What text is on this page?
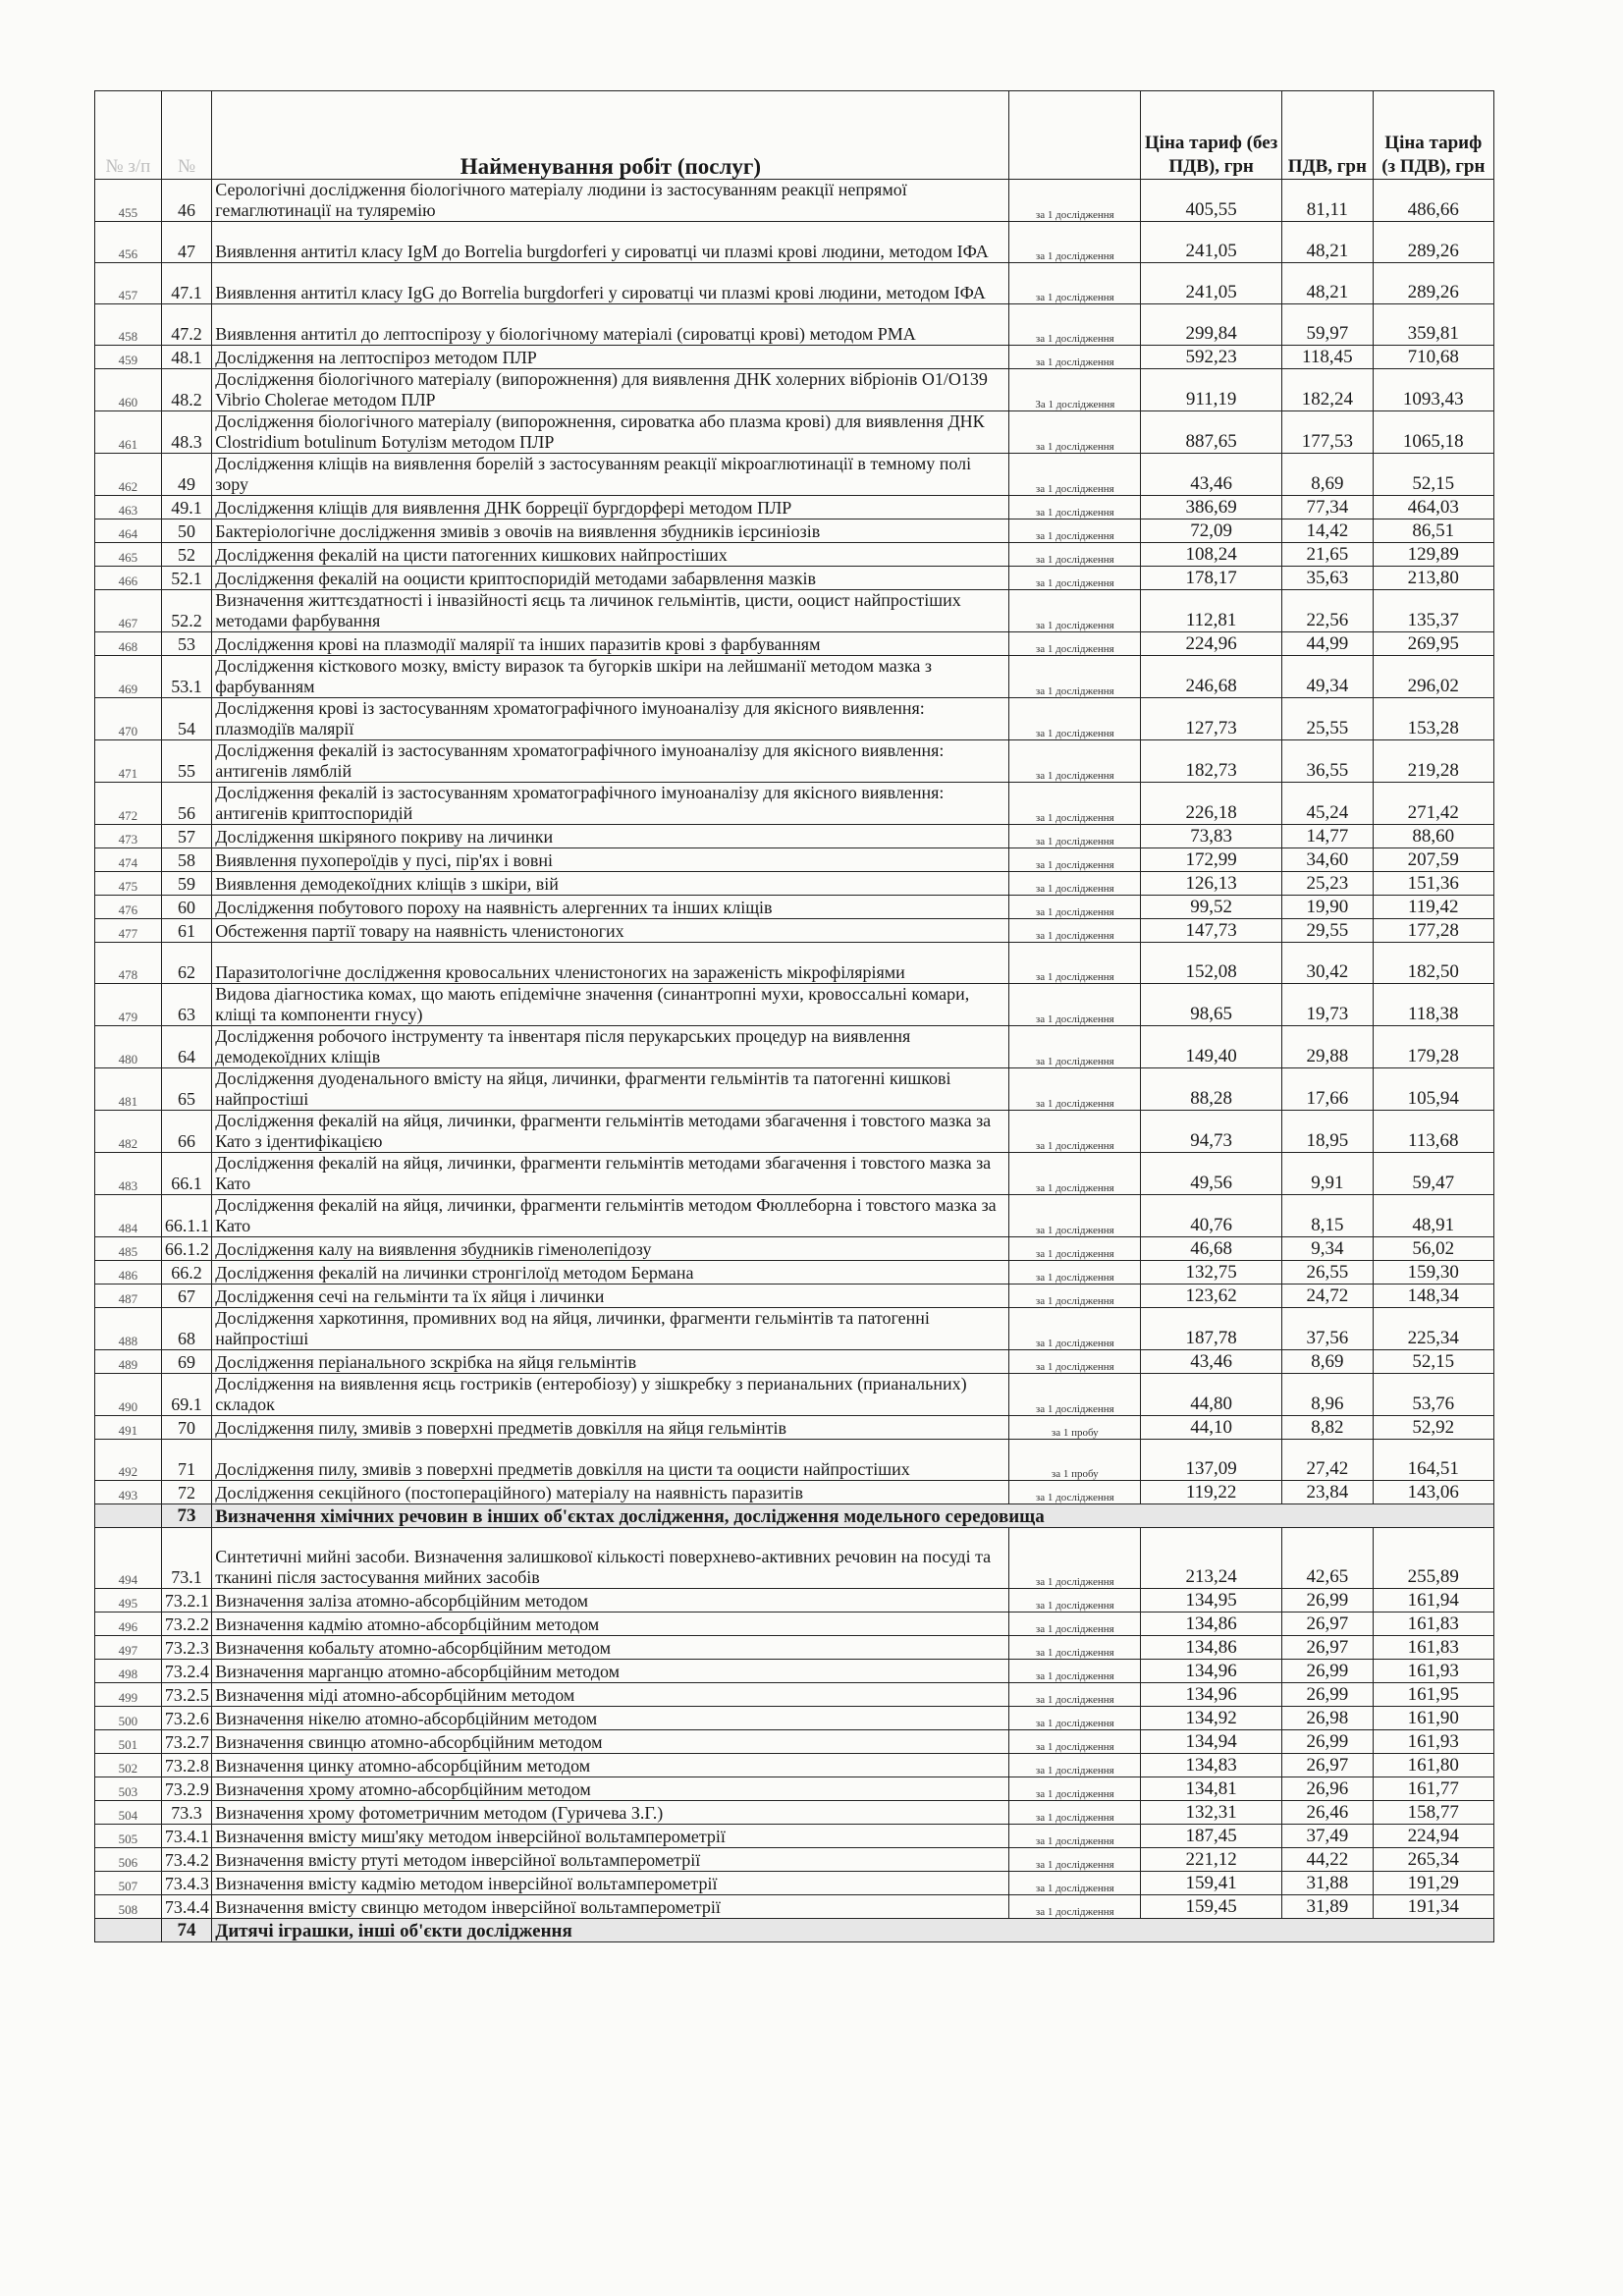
№ з/п	№	Найменування робіт (послуг)		Ціна тариф (без ПДВ), грн	ПДВ, грн	Ціна тариф (з ПДВ), грн
455	46	Серологічні дослідження біологічного матеріалу людини із застосуванням реакції непрямої гемаглютинації на туляремію	за 1 дослідження	405,55	81,11	486,66
456	47	Виявлення антитіл класу IgM до Borrelia burgdorferi у сироватці чи плазмі крові людини, методом ІФА	за 1 дослідження	241,05	48,21	289,26
457	47.1	Виявлення антитіл класу IgG до Borrelia burgdorferi у сироватці чи плазмі крові людини, методом ІФА	за 1 дослідження	241,05	48,21	289,26
458	47.2	Виявлення антитіл до лептоспірозу у біологічному матеріалі (сироватці крові) методом РМА	за 1 дослідження	299,84	59,97	359,81
459	48.1	Дослідження на лептоспіроз методом ПЛР	за 1 дослідження	592,23	118,45	710,68
460	48.2	Дослідження біологічного матеріалу (випорожнення) для виявлення ДНК холерних вібріонів O1/O139 Vibrio Cholerae методом ПЛР	За 1 дослідження	911,19	182,24	1093,43
461	48.3	Дослідження біологічного матеріалу (випорожнення, сироватка або плазма крові) для виявлення ДНК Clostridium botulinum Ботулізм методом ПЛР	за 1 дослідження	887,65	177,53	1065,18
462	49	Дослідження кліщів на виявлення борелій з застосуванням реакції мікроаглютинації в темному полі зору	за 1 дослідження	43,46	8,69	52,15
463	49.1	Дослідження кліщів для виявлення ДНК борреції бургдорфері методом ПЛР	за 1 дослідження	386,69	77,34	464,03
464	50	Бактеріологічне дослідження змивів з овочів на виявлення збудників ієрсиніозів	за 1 дослідження	72,09	14,42	86,51
465	52	Дослідження фекалій на цисти патогенних кишкових найпростіших	за 1 дослідження	108,24	21,65	129,89
466	52.1	Дослідження фекалій на ооцисти криптоспоридій методами забарвлення мазків	за 1 дослідження	178,17	35,63	213,80
467	52.2	Визначення життєздатності і інвазійності яєць та личинок гельмінтів, цисти, ооцист найпростіших методами фарбування	за 1 дослідження	112,81	22,56	135,37
468	53	Дослідження крові на плазмодії малярії та інших паразитів крові з фарбуванням	за 1 дослідження	224,96	44,99	269,95
469	53.1	Дослідження кісткового мозку, вмісту виразок та бугорків шкіри на лейшманії методом мазка з фарбуванням	за 1 дослідження	246,68	49,34	296,02
470	54	Дослідження крові із застосуванням хроматографічного імуноаналізу для якісного виявлення: плазмодіїв малярії	за 1 дослідження	127,73	25,55	153,28
471	55	Дослідження фекалій із застосуванням хроматографічного імуноаналізу для якісного виявлення: антигенів лямблій	за 1 дослідження	182,73	36,55	219,28
472	56	Дослідження фекалій із застосуванням хроматографічного імуноаналізу для якісного виявлення: антигенів криптоспоридій	за 1 дослідження	226,18	45,24	271,42
473	57	Дослідження шкіряного покриву на личинки	за 1 дослідження	73,83	14,77	88,60
474	58	Виявлення пухопероїдів у пусі, пір'ях і вовні	за 1 дослідження	172,99	34,60	207,59
475	59	Виявлення демодекоїдних кліщів з шкіри, вій	за 1 дослідження	126,13	25,23	151,36
476	60	Дослідження побутового пороху на наявність алергенних та інших кліщів	за 1 дослідження	99,52	19,90	119,42
477	61	Обстеження партії товару на наявність членистоногих	за 1 дослідження	147,73	29,55	177,28
478	62	Паразитологічне дослідження кровосальних членистоногих на зараженість мікрофіляріями	за 1 дослідження	152,08	30,42	182,50
479	63	Видова діагностика комах, що мають епідемічне значення (синантропні мухи, кровоссальні комари, кліщі та компоненти гнусу)	за 1 дослідження	98,65	19,73	118,38
480	64	Дослідження робочого інструменту та інвентаря після перукарських процедур на виявлення демодекоїдних кліщів	за 1 дослідження	149,40	29,88	179,28
481	65	Дослідження дуоденального вмісту на яйця, личинки, фрагменти гельмінтів та патогенні кишкові найпростіші	за 1 дослідження	88,28	17,66	105,94
482	66	Дослідження фекалій на яйця, личинки, фрагменти гельмінтів методами збагачення і товстого мазка за Като з ідентифікацією	за 1 дослідження	94,73	18,95	113,68
483	66.1	Дослідження фекалій на яйця, личинки, фрагменти гельмінтів методами збагачення і товстого мазка за Като	за 1 дослідження	49,56	9,91	59,47
484	66.1.1	Дослідження фекалій на яйця, личинки, фрагменти гельмінтів методом Фюллеборна і товстого мазка за Като	за 1 дослідження	40,76	8,15	48,91
485	66.1.2	Дослідження калу на виявлення збудників гіменолепідозу	за 1 дослідження	46,68	9,34	56,02
486	66.2	Дослідження фекалій на личинки стронгілоїд методом Бермана	за 1 дослідження	132,75	26,55	159,30
487	67	Дослідження сечі на гельмінти та їх яйця і личинки	за 1 дослідження	123,62	24,72	148,34
488	68	Дослідження харкотиння, промивних вод на яйця, личинки, фрагменти гельмінтів та патогенні найпростіші	за 1 дослідження	187,78	37,56	225,34
489	69	Дослідження періанального зскрібка на яйця гельмінтів	за 1 дослідження	43,46	8,69	52,15
490	69.1	Дослідження на виявлення яєць гостриків (ентеробіозу) у зішкребку з перианальних (прианальних) складок	за 1 дослідження	44,80	8,96	53,76
491	70	Дослідження пилу, змивів з поверхні предметів довкілля на яйця гельмінтів	за 1 пробу	44,10	8,82	52,92
492	71	Дослідження пилу, змивів з поверхні предметів довкілля на цисти та ооцисти найпростіших	за 1 пробу	137,09	27,42	164,51
493	72	Дослідження секційного (постопераційного) матеріалу на наявність паразитів	за 1 дослідження	119,22	23,84	143,06
	73	Визначення хімічних речовин в інших об'єктах дослідження, дослідження модельного середовища				
494	73.1	Синтетичні мийні засоби. Визначення залишкової кількості поверхнево-активних речовин на посуді та тканині після застосування мийних засобів	за 1 дослідження	213,24	42,65	255,89
495	73.2.1	Визначення заліза атомно-абсорбційним методом	за 1 дослідження	134,95	26,99	161,94
496	73.2.2	Визначення кадмію атомно-абсорбційним методом	за 1 дослідження	134,86	26,97	161,83
497	73.2.3	Визначення кобальту атомно-абсорбційним методом	за 1 дослідження	134,86	26,97	161,83
498	73.2.4	Визначення марганцю атомно-абсорбційним методом	за 1 дослідження	134,96	26,99	161,93
499	73.2.5	Визначення міді атомно-абсорбційним методом	за 1 дослідження	134,96	26,99	161,95
500	73.2.6	Визначення нікелю атомно-абсорбційним методом	за 1 дослідження	134,92	26,98	161,90
501	73.2.7	Визначення свинцю атомно-абсорбційним методом	за 1 дослідження	134,94	26,99	161,93
502	73.2.8	Визначення цинку атомно-абсорбційним методом	за 1 дослідження	134,83	26,97	161,80
503	73.2.9	Визначення хрому атомно-абсорбційним методом	за 1 дослідження	134,81	26,96	161,77
504	73.3	Визначення хрому фотометричним методом (Гуричева З.Г.)	за 1 дослідження	132,31	26,46	158,77
505	73.4.1	Визначення вмісту миш'яку методом інверсійної вольтамперометрії	за 1 дослідження	187,45	37,49	224,94
506	73.4.2	Визначення вмісту ртуті методом інверсійної вольтамперометрії	за 1 дослідження	221,12	44,22	265,34
507	73.4.3	Визначення вмісту кадмію методом інверсійної вольтамперометрії	за 1 дослідження	159,41	31,88	191,29
508	73.4.4	Визначення вмісту свинцю методом інверсійної вольтамперометрії	за 1 дослідження	159,45	31,89	191,34
	74	Дитячі іграшки, інші об'єкти дослідження				
